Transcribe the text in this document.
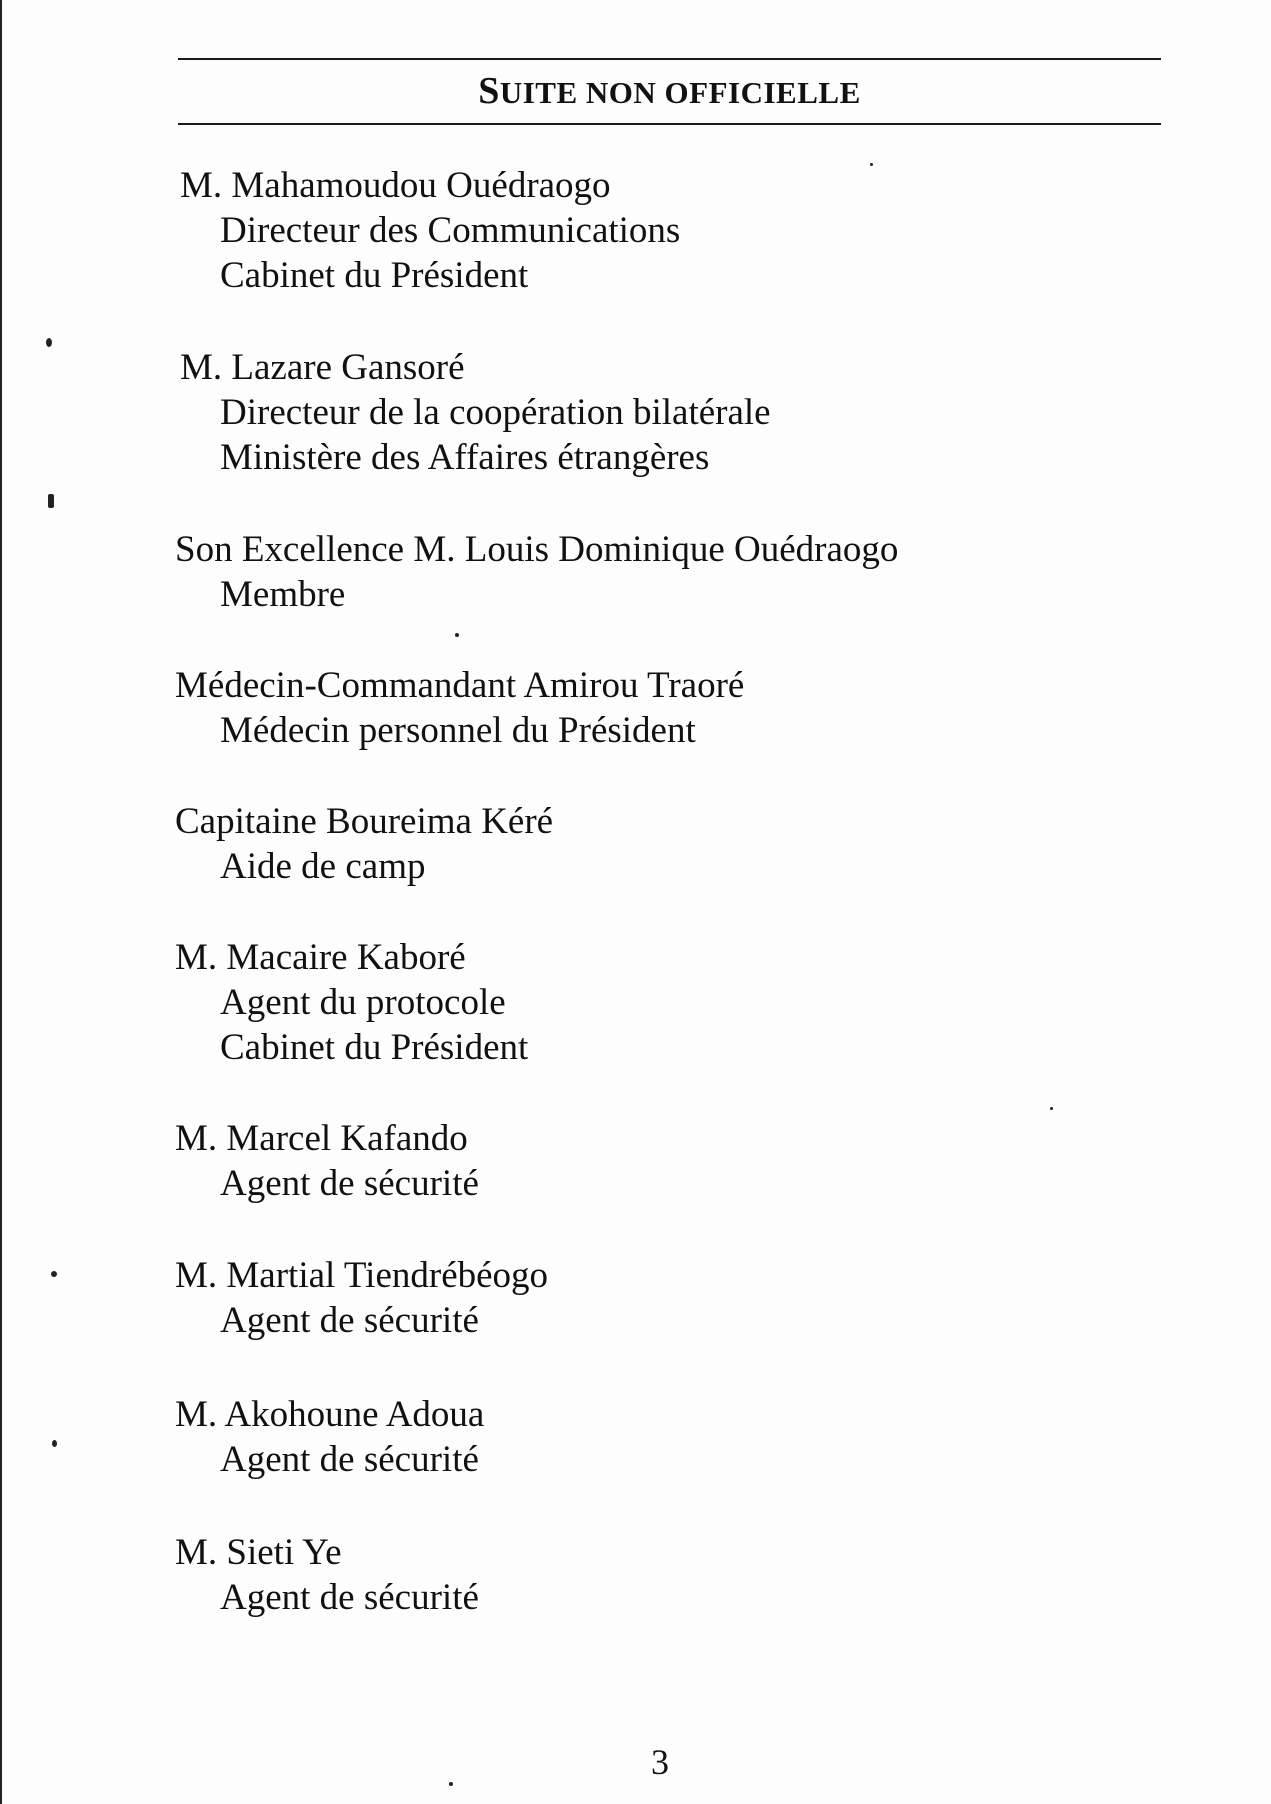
SUITE NON OFFICIELLE
M. Mahamoudou Ouédraogo
Directeur des Communications
Cabinet du Président
M. Lazare Gansoré
Directeur de la coopération bilatérale
Ministère des Affaires étrangères
Son Excellence M. Louis Dominique Ouédraogo
Membre
Médecin-Commandant Amirou Traoré
Médecin personnel du Président
Capitaine Boureima Kéré
Aide de camp
M. Macaire Kaboré
Agent du protocole
Cabinet du Président
M. Marcel Kafando
Agent de sécurité
M. Martial Tiendrébéogo
Agent de sécurité
M. Akohoune Adoua
Agent de sécurité
M. Sieti Ye
Agent de sécurité
3
